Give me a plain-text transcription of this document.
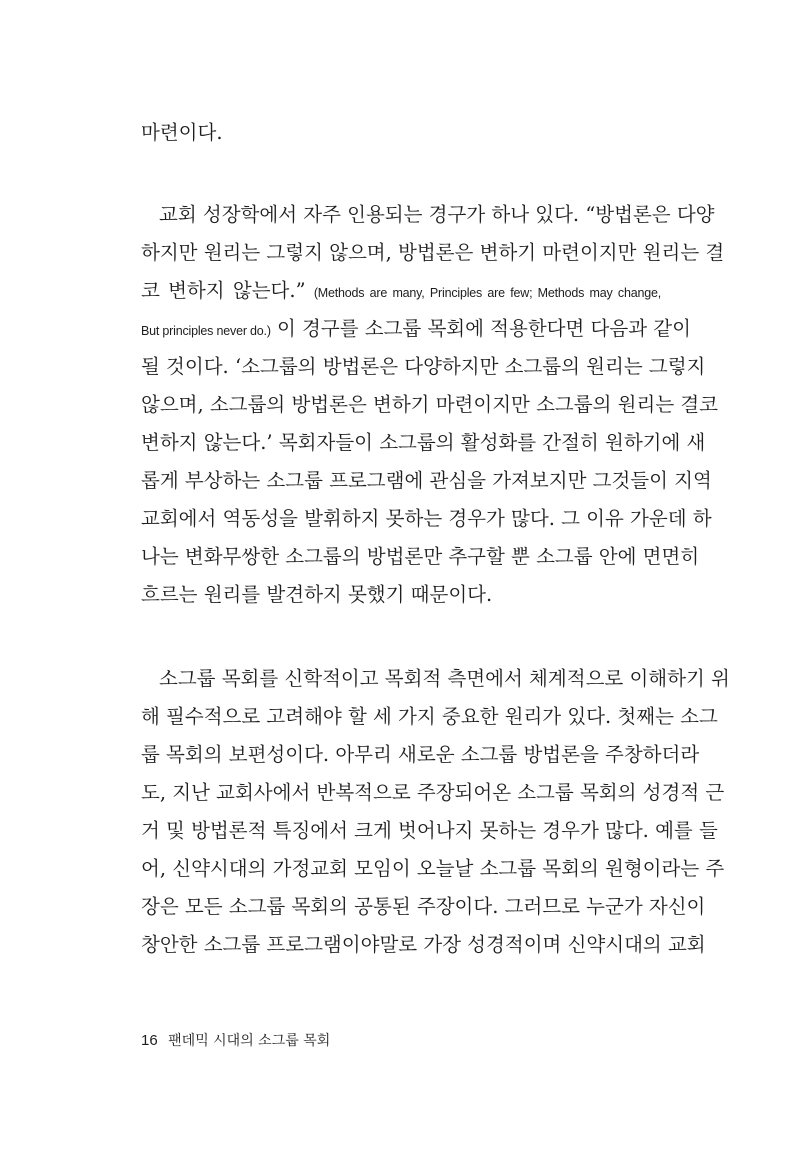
마련이다.
교회 성장학에서 자주 인용되는 경구가 하나 있다. “방법론은 다양
하지만 원리는 그렇지 않으며, 방법론은 변하기 마련이지만 원리는 결
코 변하지 않는다.” (Methods are many, Principles are few; Methods may change,
But principles never do.) 이 경구를 소그룹 목회에 적용한다면 다음과 같이
될 것이다. ‘소그룹의 방법론은 다양하지만 소그룹의 원리는 그렇지
않으며, 소그룹의 방법론은 변하기 마련이지만 소그룹의 원리는 결코
변하지 않는다.’ 목회자들이 소그룹의 활성화를 간절히 원하기에 새
롭게 부상하는 소그룹 프로그램에 관심을 가져보지만 그것들이 지역
교회에서 역동성을 발휘하지 못하는 경우가 많다. 그 이유 가운데 하
나는 변화무쌍한 소그룹의 방법론만 추구할 뿐 소그룹 안에 면면히
흐르는 원리를 발견하지 못했기 때문이다.
소그룹 목회를 신학적이고 목회적 측면에서 체계적으로 이해하기 위
해 필수적으로 고려해야 할 세 가지 중요한 원리가 있다. 첫째는 소그
룹 목회의 보편성이다. 아무리 새로운 소그룹 방법론을 주창하더라
도, 지난 교회사에서 반복적으로 주장되어온 소그룹 목회의 성경적 근
거 및 방법론적 특징에서 크게 벗어나지 못하는 경우가 많다. 예를 들
어, 신약시대의 가정교회 모임이 오늘날 소그룹 목회의 원형이라는 주
장은 모든 소그룹 목회의 공통된 주장이다. 그러므로 누군가 자신이
창안한 소그룹 프로그램이야말로 가장 성경적이며 신약시대의 교회
16 팬데믹 시대의 소그룹 목회
